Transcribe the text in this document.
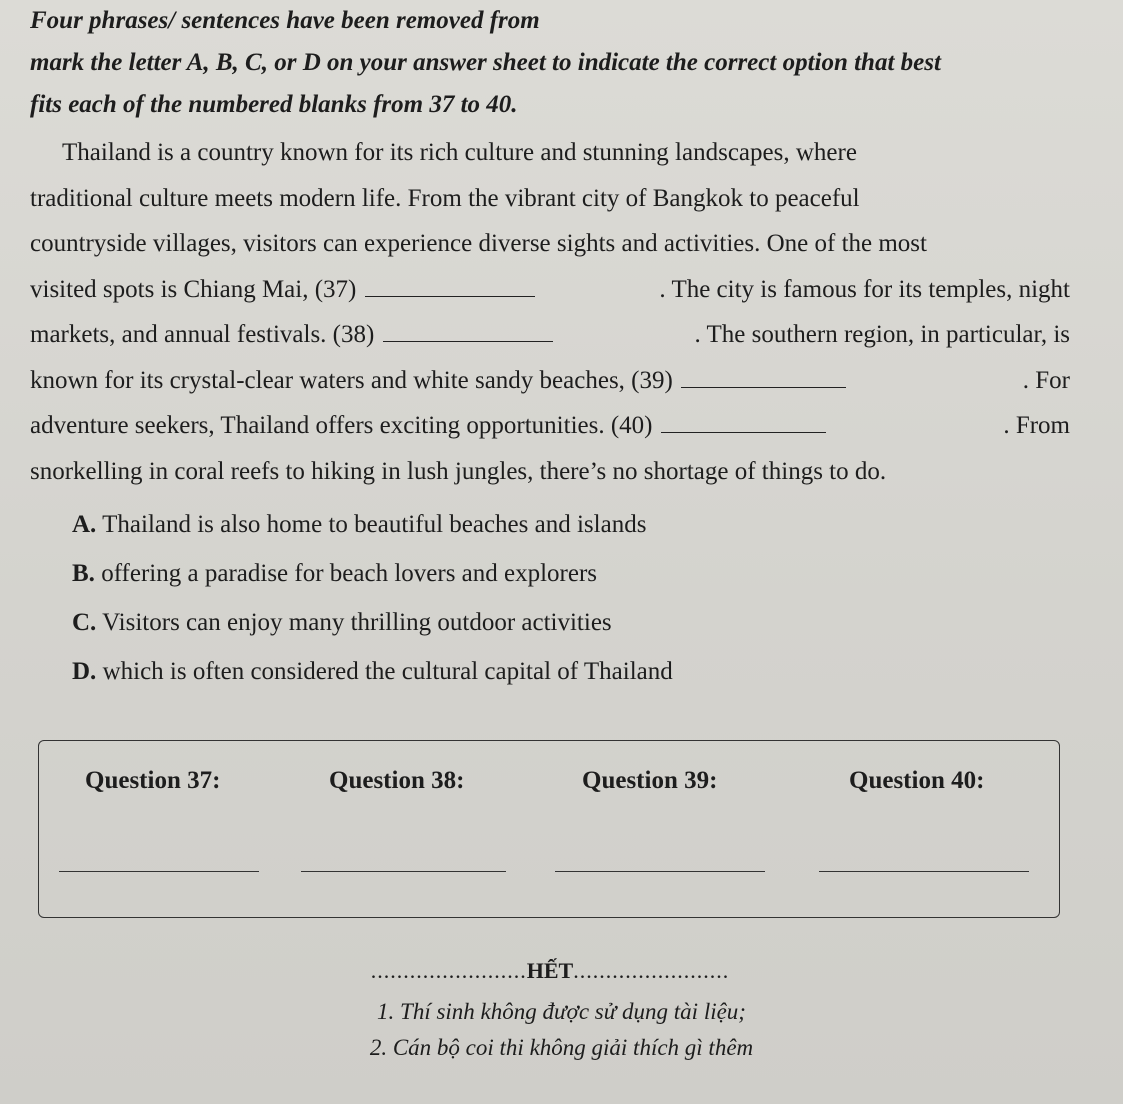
Four phrases/ sentences have been removed from
mark the letter A, B, C, or D on your answer sheet to indicate the correct option that best
fits each of the numbered blanks from 37 to 40.
Thailand is a country known for its rich culture and stunning landscapes, where
traditional culture meets modern life. From the vibrant city of Bangkok to peaceful
countryside villages, visitors can experience diverse sights and activities. One of the most
visited spots is Chiang Mai, (37)	. The city is famous for its temples, night
markets, and annual festivals. (38)	. The southern region, in particular, is
known for its crystal-clear waters and white sandy beaches, (39)	. For
adventure seekers, Thailand offers exciting opportunities. (40)	. From
snorkelling in coral reefs to hiking in lush jungles, there’s no shortage of things to do.
A. Thailand is also home to beautiful beaches and islands
B. offering a paradise for beach lovers and explorers
C. Visitors can enjoy many thrilling outdoor activities
D. which is often considered the cultural capital of Thailand
Question 37:	Question 38:	Question 39:	Question 40:
........................HẾT........................
1. Thí sinh không được sử dụng tài liệu;
2. Cán bộ coi thi không giải thích gì thêm
